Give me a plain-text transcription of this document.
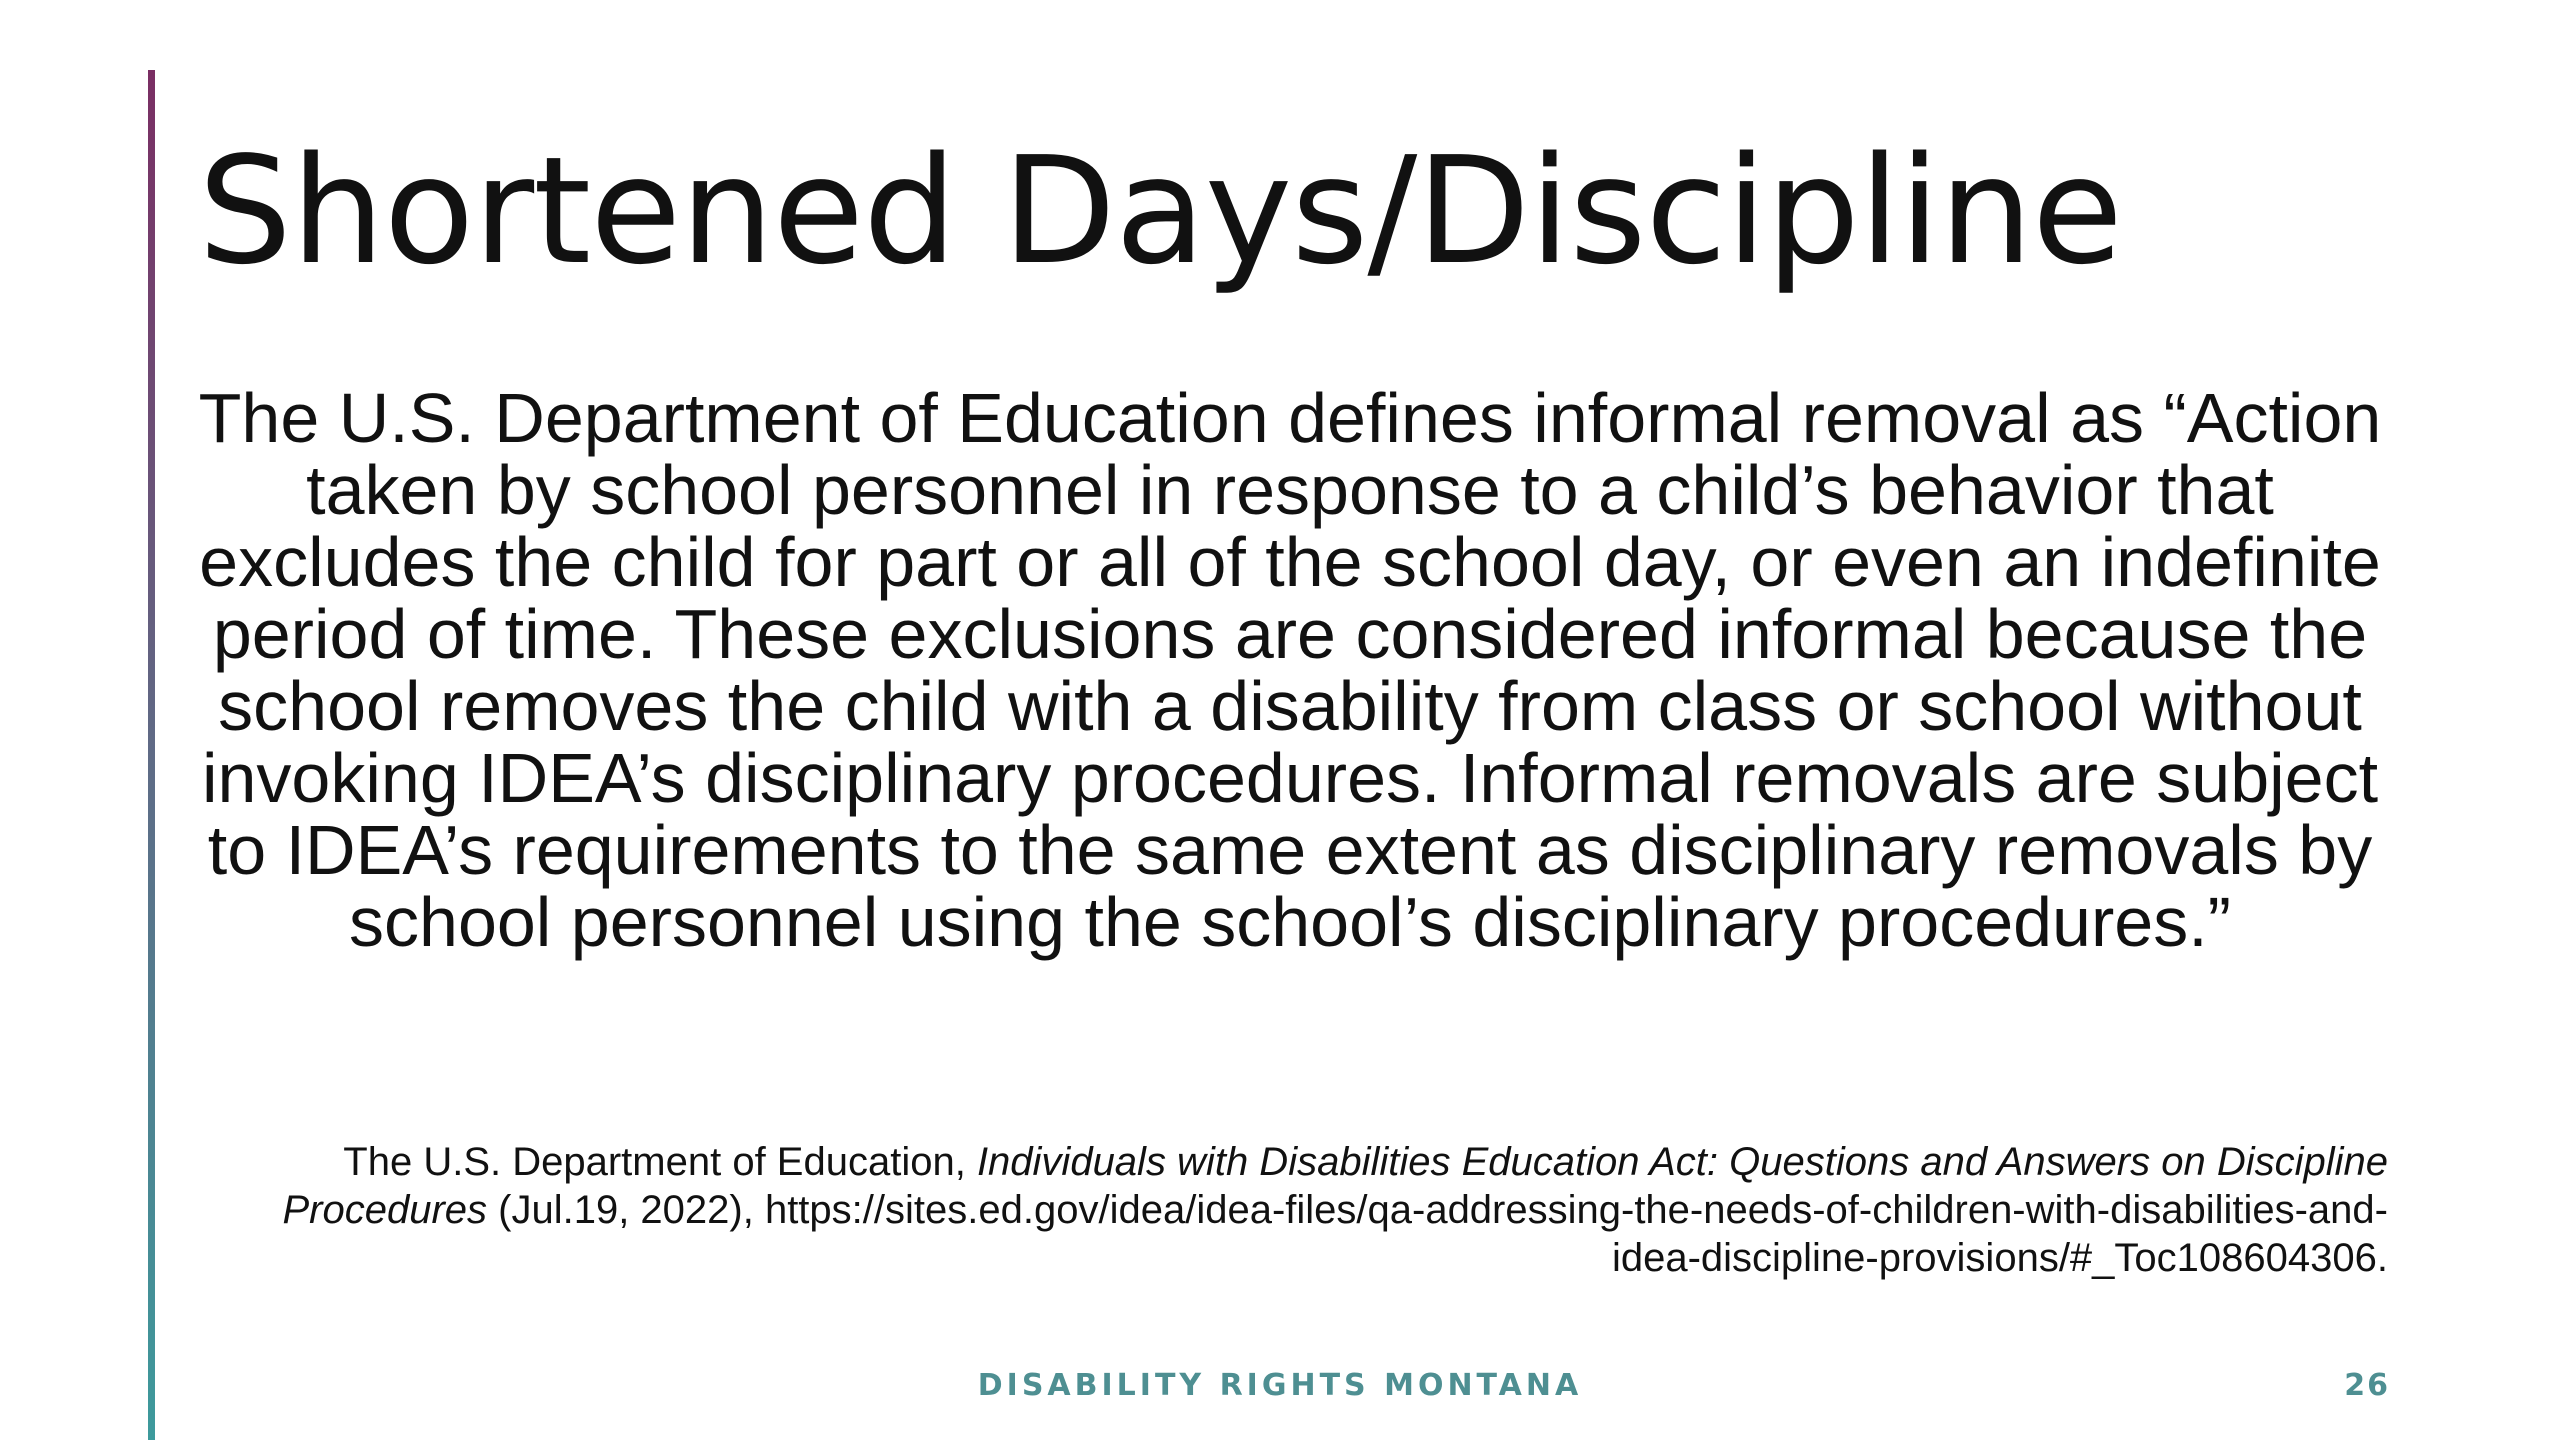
Shortened Days/Discipline

The U.S. Department of Education defines informal removal as “Action taken by school personnel in response to a child’s behavior that excludes the child for part or all of the school day, or even an indefinite period of time. These exclusions are considered informal because the school removes the child with a disability from class or school without invoking IDEA’s disciplinary procedures. Informal removals are subject to IDEA’s requirements to the same extent as disciplinary removals by school personnel using the school’s disciplinary procedures.”

The U.S. Department of Education, Individuals with Disabilities Education Act: Questions and Answers on Discipline Procedures (Jul.19, 2022), https://sites.ed.gov/idea/idea-files/qa-addressing-the-needs-of-children-with-disabilities-and-idea-discipline-provisions/#_Toc108604306.

DISABILITY RIGHTS MONTANA	26
